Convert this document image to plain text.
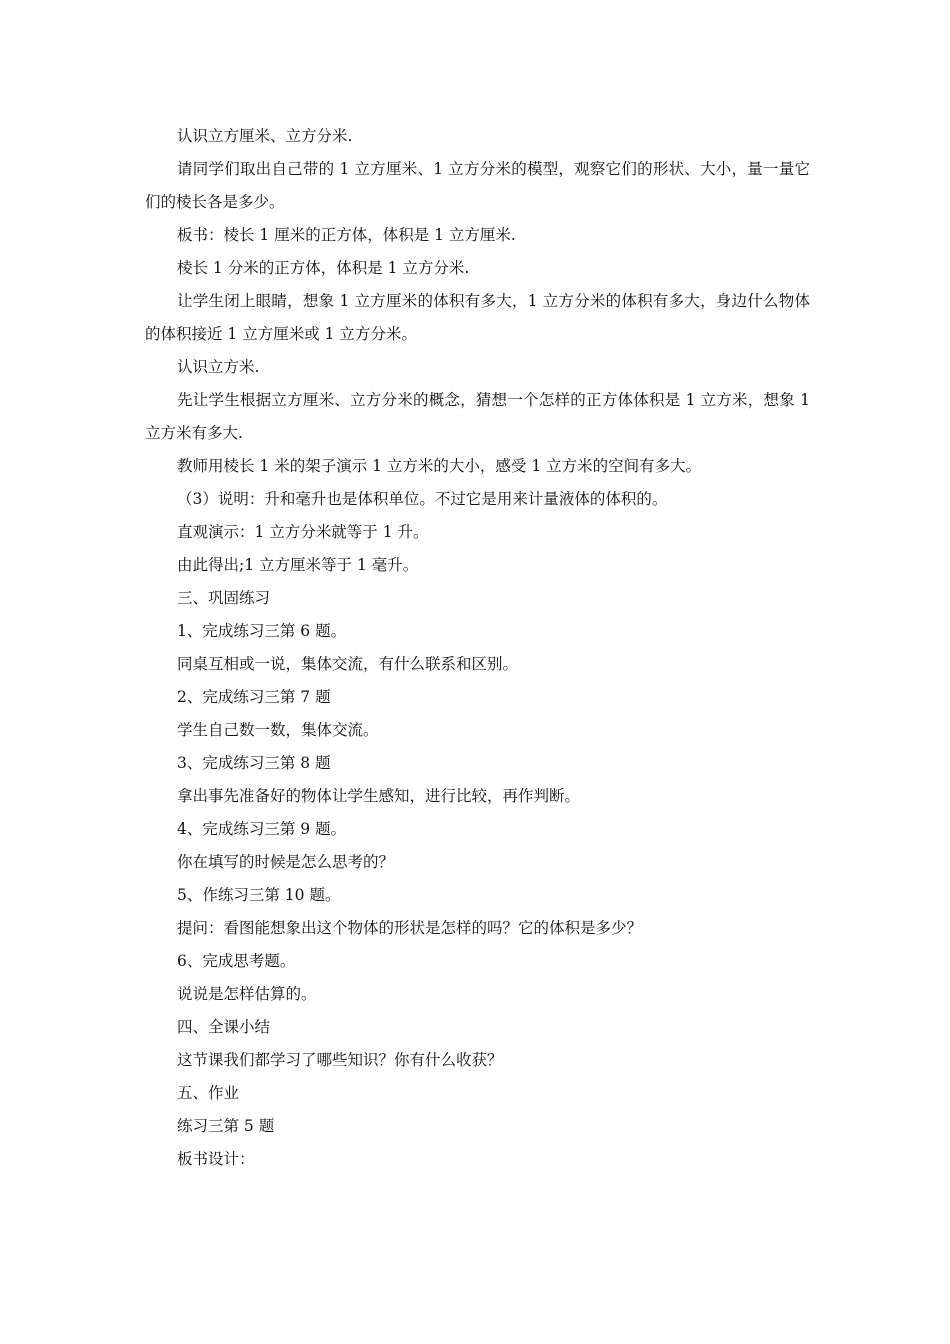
认识立方厘米、立方分米.

请同学们取出自己带的 1 立方厘米、1 立方分米的模型，观察它们的形状、大小，量一量它们的棱长各是多少。

板书：棱长 1 厘米的正方体，体积是 1 立方厘米.

棱长 1 分米的正方体，体积是 1 立方分米.

让学生闭上眼睛，想象 1 立方厘米的体积有多大，1 立方分米的体积有多大，身边什么物体的体积接近 1 立方厘米或 1 立方分米。

认识立方米.

先让学生根据立方厘米、立方分米的概念，猜想一个怎样的正方体体积是 1 立方米，想象 1 立方米有多大.

教师用棱长 1 米的架子演示 1 立方米的大小，感受 1 立方米的空间有多大。

（3）说明：升和毫升也是体积单位。不过它是用来计量液体的体积的。

直观演示：1 立方分米就等于 1 升。

由此得出;1 立方厘米等于 1 毫升。

三、巩固练习

1、完成练习三第 6 题。

同桌互相或一说，集体交流，有什么联系和区别。

2、完成练习三第 7 题

学生自己数一数，集体交流。

3、完成练习三第 8 题

拿出事先准备好的物体让学生感知，进行比较，再作判断。

4、完成练习三第 9 题。

你在填写的时候是怎么思考的？

5、作练习三第 10 题。

提问：看图能想象出这个物体的形状是怎样的吗？它的体积是多少？

6、完成思考题。

说说是怎样估算的。

四、全课小结

这节课我们都学习了哪些知识？你有什么收获？

五、作业

练习三第 5 题

板书设计：
